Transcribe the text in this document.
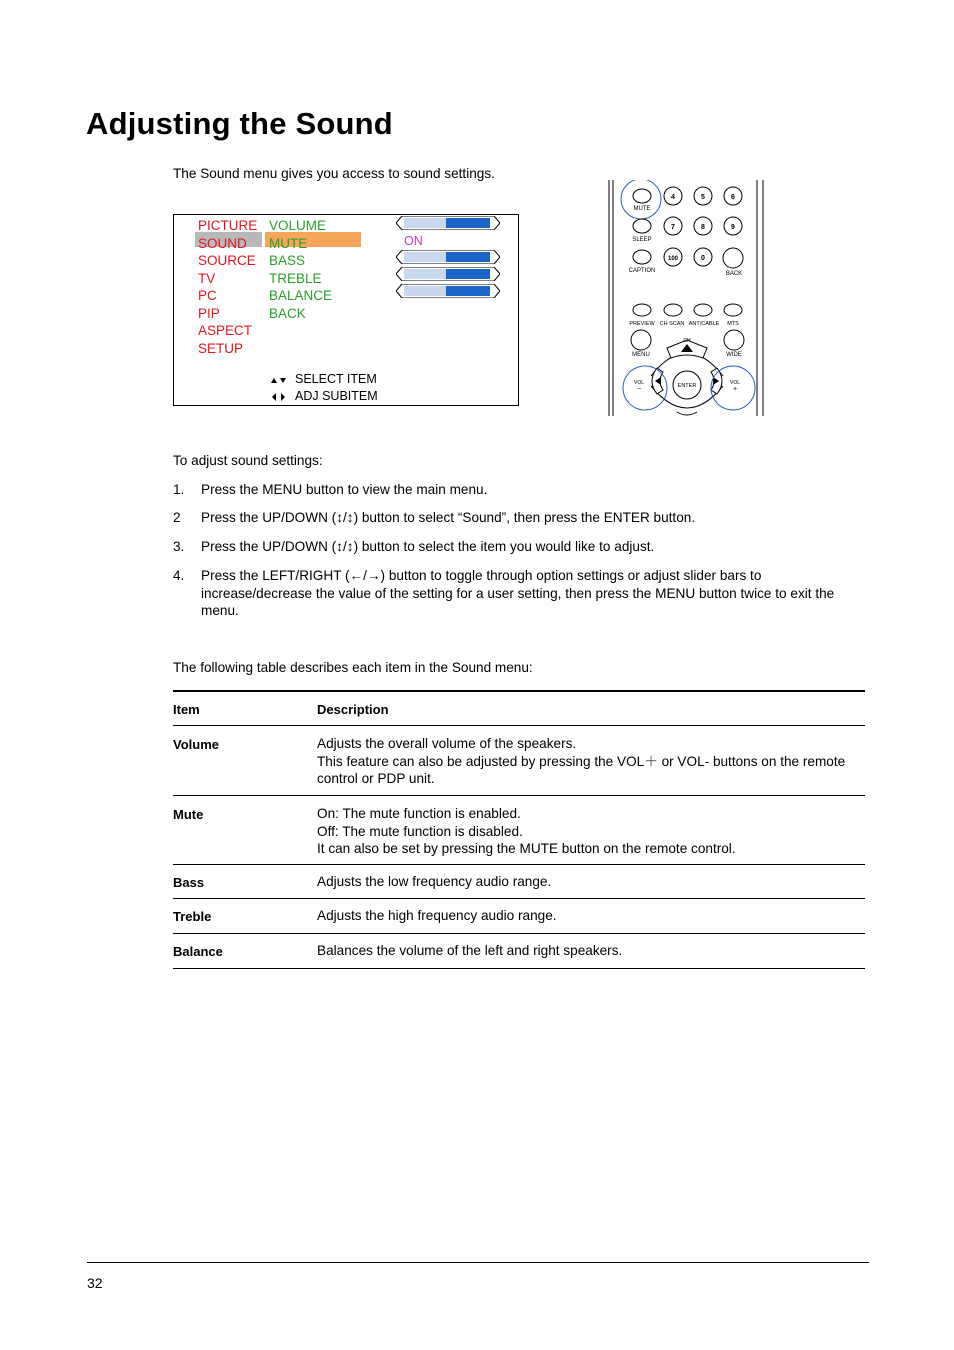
Adjusting the Sound
The Sound menu gives you access to sound settings.
PICTURE
SOUND
SOURCE
TV
PC
PIP
ASPECT
SETUP
VOLUME
MUTE
BASS
TREBLE
BALANCE
BACK
ON
SELECT ITEM
ADJ SUBITEM
MUTE
4	5	6
SLEEP
7	8	9
CAPTION
100	0
BACK
PREVIEW CH SCAN ANT/CABLE MTS
MENU	WIDE
CH
ENTER
VOL
−
VOL
+
To adjust sound settings:
1. Press the MENU button to view the main menu.
2 Press the UP/DOWN (↕/↕) button to select “Sound”, then press the ENTER button.
3. Press the UP/DOWN (↕/↕) button to select the item you would like to adjust.
4. Press the LEFT/RIGHT (←/→) button to toggle through option settings or adjust slider bars to increase/decrease the value of the setting for a user setting, then press the MENU button twice to exit the menu.
The following table describes each item in the Sound menu:
Item	Description
Volume	Adjusts the overall volume of the speakers.
This feature can also be adjusted by pressing the VOL＋ or VOL- buttons on the remote control or PDP unit.
Mute	On: The mute function is enabled.
Off: The mute function is disabled.
It can also be set by pressing the MUTE button on the remote control.
Bass	Adjusts the low frequency audio range.
Treble	Adjusts the high frequency audio range.
Balance	Balances the volume of the left and right speakers.
32
